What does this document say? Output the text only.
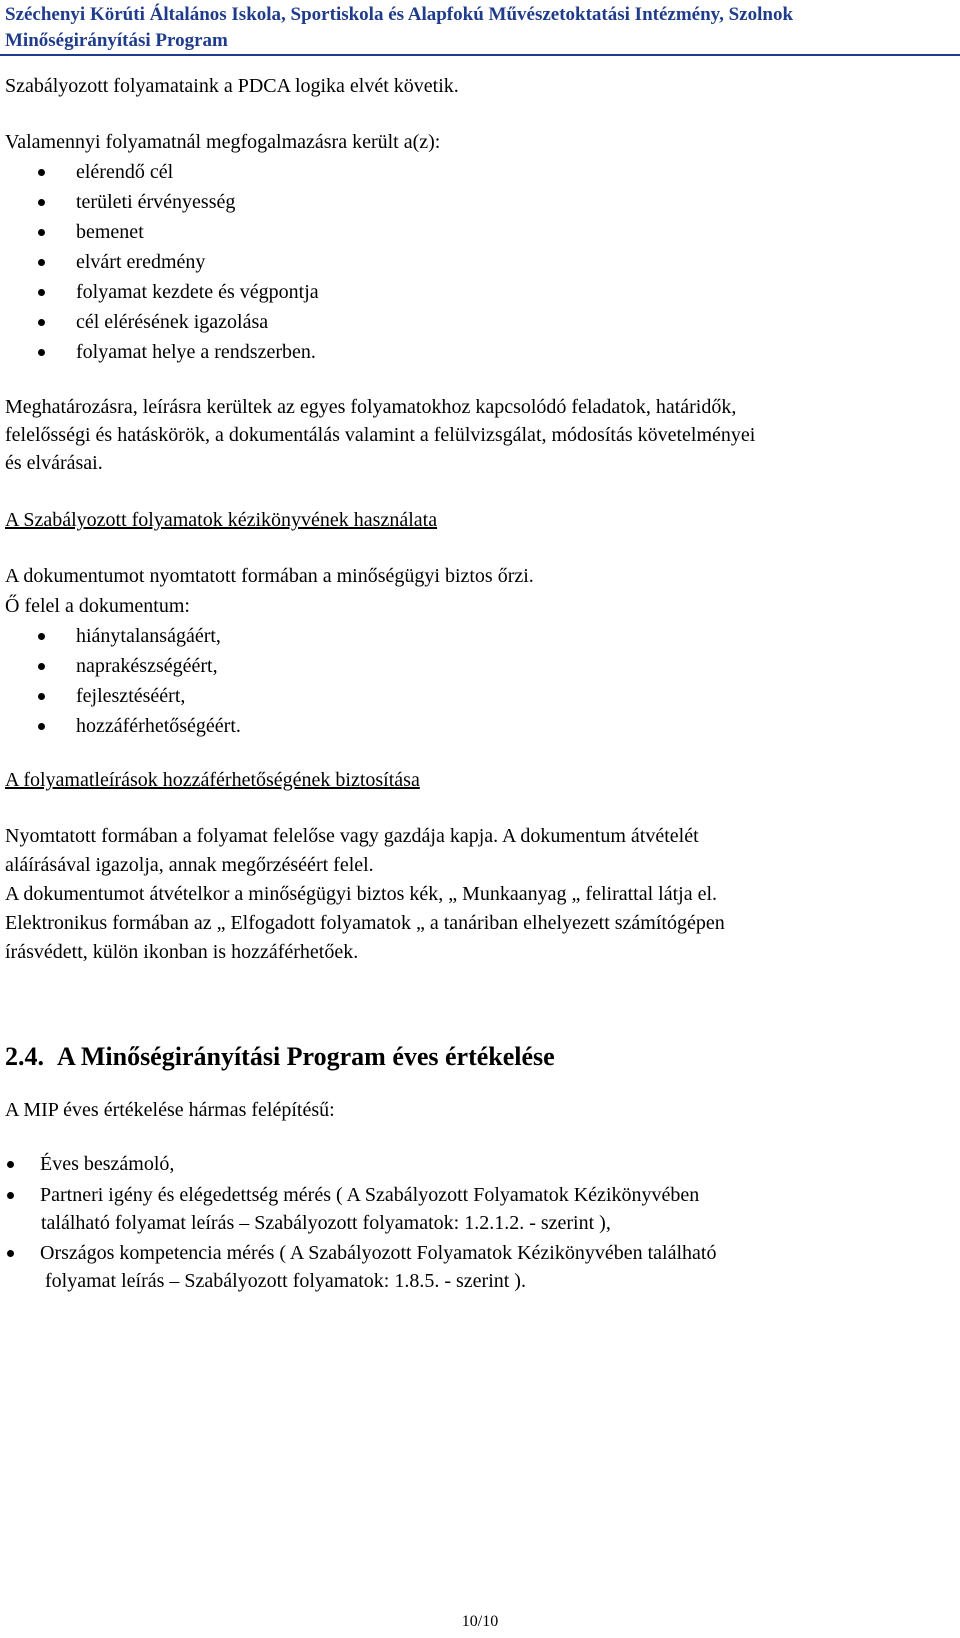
Széchenyi Körúti Általános Iskola, Sportiskola és Alapfokú Művészetoktatási Intézmény, Szolnok
Minőségirányítási Program
Szabályozott folyamataink a PDCA logika elvét követik.
Valamennyi folyamatnál megfogalmazásra került a(z):
elérendő cél
területi érvényesség
bemenet
elvárt eredmény
folyamat kezdete és végpontja
cél elérésének igazolása
folyamat helye a rendszerben.
Meghatározásra, leírásra kerültek az egyes folyamatokhoz kapcsolódó feladatok, határidők,
felelősségi és hatáskörök, a dokumentálás valamint a felülvizsgálat, módosítás követelményei
és elvárásai.
A Szabályozott folyamatok kézikönyvének használata
A dokumentumot nyomtatott formában a minőségügyi biztos őrzi.
Ő felel a dokumentum:
hiánytalanságáért,
naprakészségéért,
fejlesztéséért,
hozzáférhetőségéért.
A folyamatleírások hozzáférhetőségének biztosítása
Nyomtatott formában a folyamat felelőse vagy gazdája kapja. A dokumentum átvételét
aláírásával igazolja, annak megőrzéséért felel.
A dokumentumot átvételkor a minőségügyi biztos kék, „ Munkaanyag „ felirattal látja el.
Elektronikus formában az „ Elfogadott folyamatok „ a tanáriban elhelyezett számítógépen
írásvédett, külön ikonban is hozzáférhetőek.
2.4. A Minőségirányítási Program éves értékelése
A MIP éves értékelése hármas felépítésű:
Éves beszámoló,
Partneri igény és elégedettség mérés ( A Szabályozott Folyamatok Kézikönyvében
található folyamat leírás – Szabályozott folyamatok: 1.2.1.2. - szerint ),
Országos kompetencia mérés ( A Szabályozott Folyamatok Kézikönyvében található
folyamat leírás – Szabályozott folyamatok: 1.8.5. - szerint ).
10/10
